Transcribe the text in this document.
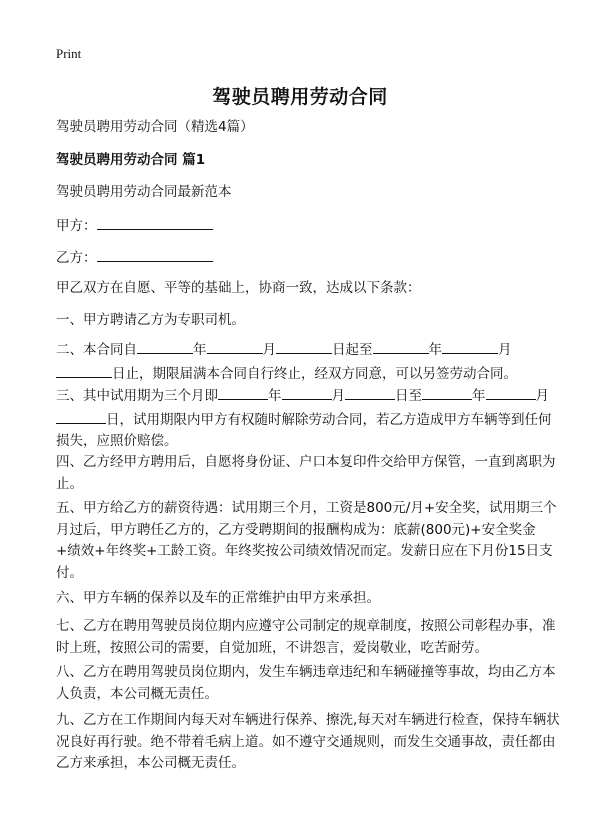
Print
驾驶员聘用劳动合同

驾驶员聘用劳动合同（精选4篇）

驾驶员聘用劳动合同 篇1

驾驶员聘用劳动合同最新范本

甲方：

乙方：

甲乙双方在自愿、平等的基础上，协商一致，达成以下条款：

一、甲方聘请乙方为专职司机。

二、本合同自	年	月	日起至	年	月日止，期限届满本合同自行终止，经双方同意，可以另签劳动合同。

三、其中试用期为三个月即	年	月	日至	年	月日，试用期限内甲方有权随时解除劳动合同，若乙方造成甲方车辆等到任何损失，应照价赔偿。

四、乙方经甲方聘用后，自愿将身份证、户口本复印件交给甲方保管，一直到离职为止。

五、甲方给乙方的薪资待遇：试用期三个月，工资是800元/月+安全奖，试用期三个月过后，甲方聘任乙方的，乙方受聘期间的报酬构成为：底薪(800元)+安全奖金+绩效+年终奖+工龄工资。年终奖按公司绩效情况而定。发薪日应在下月份15日支付。

六、甲方车辆的保养以及车的正常维护由甲方来承担。

七、乙方在聘用驾驶员岗位期内应遵守公司制定的规章制度，按照公司彰程办事，准时上班，按照公司的需要，自觉加班，不讲怨言，爱岗敬业，吃苦耐劳。

八、乙方在聘用驾驶员岗位期内，发生车辆违章违纪和车辆碰撞等事故，均由乙方本人负责，本公司概无责任。

九、乙方在工作期间内每天对车辆进行保养、擦洗,每天对车辆进行检查，保持车辆状况良好再行驶。绝不带着毛病上道。如不遵守交通规则，而发生交通事故，责任都由乙方来承担，本公司概无责任。
